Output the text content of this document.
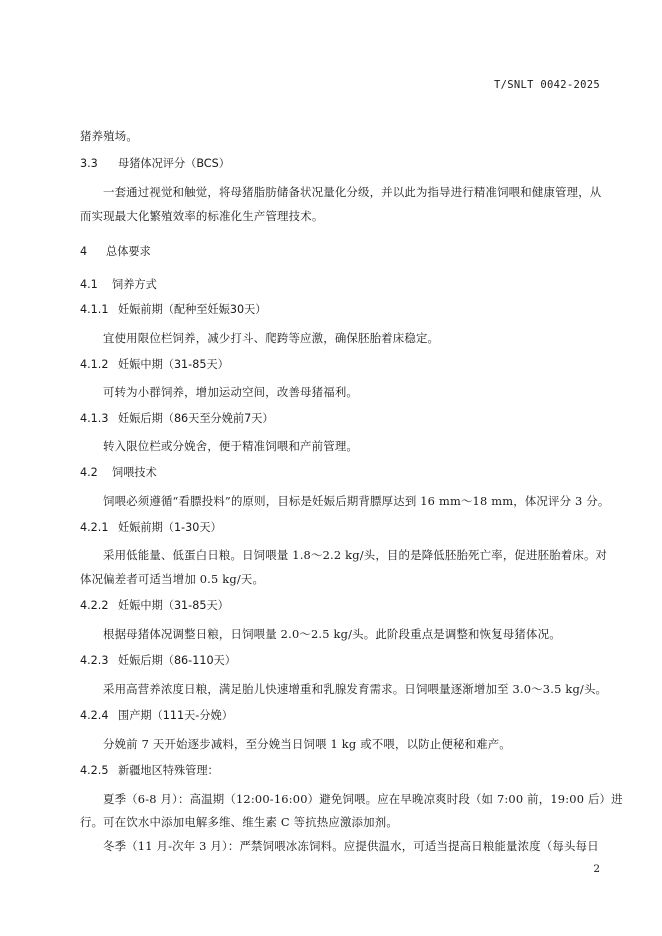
T/SNLT 0042-2025
猪养殖场。
3.3 母猪体况评分（BCS）
一套通过视觉和触觉，将母猪脂肪储备状况量化分级，并以此为指导进行精准饲喂和健康管理，从
而实现最大化繁殖效率的标准化生产管理技术。
4 总体要求
4.1 饲养方式
4.1.1 妊娠前期（配种至妊娠30天）
宜使用限位栏饲养，减少打斗、爬跨等应激，确保胚胎着床稳定。
4.1.2 妊娠中期（31-85天）
可转为小群饲养，增加运动空间，改善母猪福利。
4.1.3 妊娠后期（86天至分娩前7天）
转入限位栏或分娩舍，便于精准饲喂和产前管理。
4.2 饲喂技术
饲喂必须遵循“看膘投料”的原则，目标是妊娠后期背膘厚达到 16 mm～18 mm，体况评分 3 分。
4.2.1 妊娠前期（1-30天）
采用低能量、低蛋白日粮。日饲喂量 1.8～2.2 kg/头，目的是降低胚胎死亡率，促进胚胎着床。对
体况偏差者可适当增加 0.5 kg/天。
4.2.2 妊娠中期（31-85天）
根据母猪体况调整日粮，日饲喂量 2.0～2.5 kg/头。此阶段重点是调整和恢复母猪体况。
4.2.3 妊娠后期（86-110天）
采用高营养浓度日粮，满足胎儿快速增重和乳腺发育需求。日饲喂量逐渐增加至 3.0～3.5 kg/头。
4.2.4 围产期（111天-分娩）
分娩前 7 天开始逐步减料，至分娩当日饲喂 1 kg 或不喂，以防止便秘和难产。
4.2.5 新疆地区特殊管理：
夏季（6-8 月）：高温期（12:00-16:00）避免饲喂。应在早晚凉爽时段（如 7:00 前，19:00 后）进
行。可在饮水中添加电解多维、维生素 C 等抗热应激添加剂。
冬季（11 月-次年 3 月）：严禁饲喂冰冻饲料。应提供温水，可适当提高日粮能量浓度（每头每日
2
